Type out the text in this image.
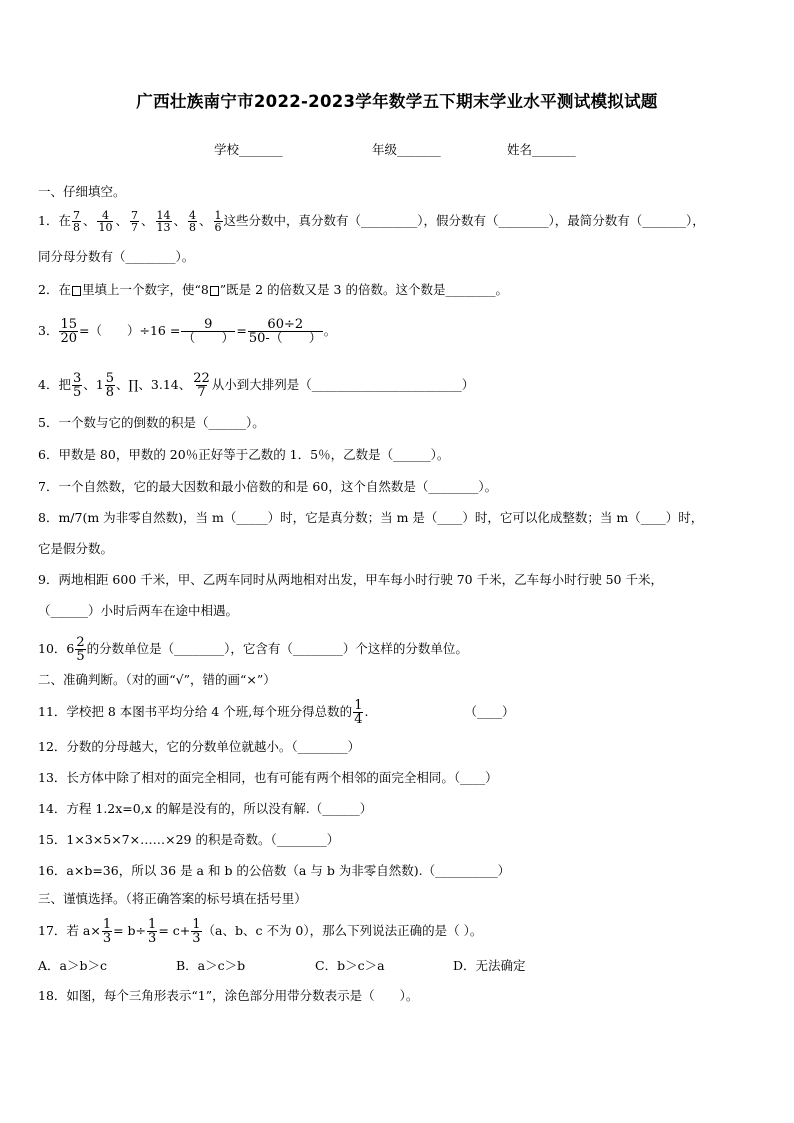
广西壮族南宁市2022-2023学年数学五下期末学业水平测试模拟试题
学校_______	年级_______	姓名_______
一、仔细填空。
1．在 $\frac{7}{8}$ 、 $\frac{4}{10}$ 、 $\frac{7}{7}$ 、 $\frac{14}{13}$ 、 $\frac{4}{8}$ 、 $\frac{1}{6}$ 这些分数中，真分数有（_________），假分数有（________），最简分数有（_______），
同分母分数有（________）。
2．在 里填上一个数字，使“8 ”既是 2 的倍数又是 3 的倍数。这个数是________。
3． $\frac{15}{20}$ =（　　）$\div 16 = \frac{9}{( )} = \frac{60\div 2}{50-( )}$ 。
4．把 $\frac{3}{5}$ 、$1 \frac{5}{8}$ 、∏、3.14、 $\frac{22}{7}$ 从小到大排列是（________________________）
5．一个数与它的倒数的积是（______）。
6．甲数是 80，甲数的 20％正好等于乙数的 1．5％，乙数是（______）。
7．一个自然数，它的最大因数和最小倍数的和是 60，这个自然数是（________）。
8．m/7(m 为非零自然数)，当 m（_____）时，它是真分数；当 m 是（____）时，它可以化成整数；当 m（____）时，
它是假分数。
9．两地相距 600 千米，甲、乙两车同时从两地相对出发，甲车每小时行驶 70 千米，乙车每小时行驶 50 千米，
（______）小时后两车在途中相遇。
10．$6 \frac{2}{5}$ 的分数单位是（________），它含有（________）个这样的分数单位。
二、准确判断。（对的画“√”，错的画“×”）
11．学校把 8 本图书平均分给 4 个班,每个班分得总数的 $\frac{1}{4}$ .	（____）
12．分数的分母越大，它的分数单位就越小。（________）
13．长方体中除了相对的面完全相同，也有可能有两个相邻的面完全相同。（____）
14．方程 1.2x=0,x 的解是没有的，所以没有解.（______）
15．1×3×5×7×……×29 的积是奇数。（________）
16．a×b=36，所以 36 是 a 和 b 的公倍数（a 与 b 为非零自然数).（__________）
三、谨慎选择。（将正确答案的标号填在括号里）
17．若 $a\times \frac{1}{3} = b\div \frac{1}{3} = c+ \frac{1}{3} (a$、b、c 不为 0），那么下列说法正确的是（ ）。
A．a＞b＞c	B．a＞c＞b	C．b＞c＞a	D．无法确定
18．如图，每个三角形表示“1”，涂色部分用带分数表示是（　　）。
